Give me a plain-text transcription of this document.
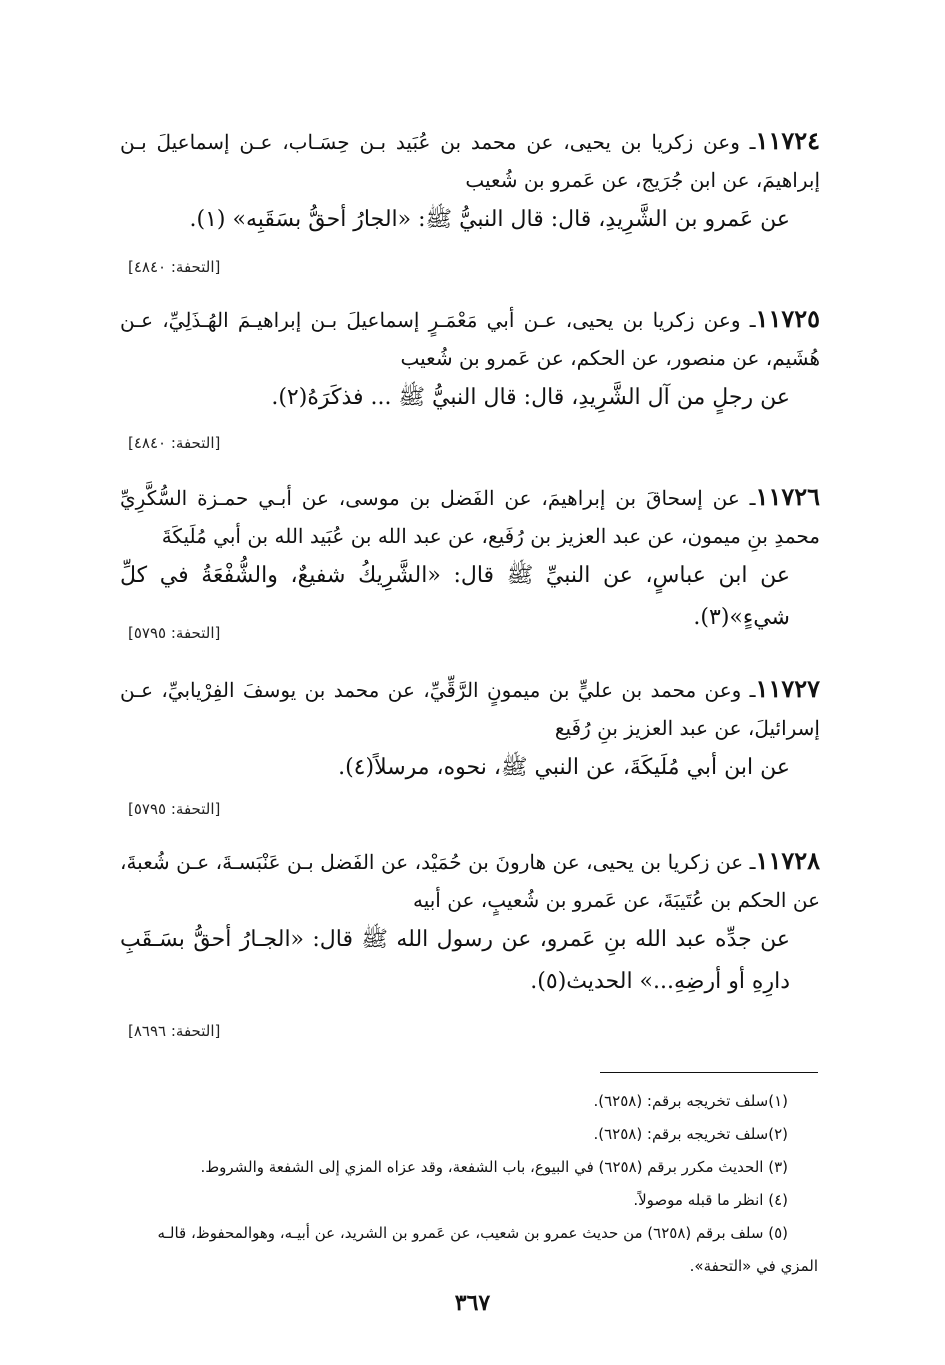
١١٧٢٤ـ وعن زكريا بن يحيى، عن محمد بن عُبَيد بـن حِسَـاب، عـن إسماعيلَ بـن إبراهيمَ، عن ابن جُرَيج، عن عَمرو بن شُعيب

عن عَمرو بن الشَّرِيدِ، قال: قال النبيُّ ﷺ: «الجارُ أحقُّ بسَقَبِه» (١).

[التحفة: ٤٨٤٠]

١١٧٢٥ـ وعن زكريا بن يحيى، عـن أبي مَعْمَـرٍ إسماعيلَ بـن إبراهيـمَ الهُـذَلِيِّ، عـن هُشَيم، عن منصور، عن الحكم، عن عَمرو بن شُعيب

عن رجلٍ من آل الشَّرِيدِ، قال: قال النبيُّ ﷺ ... فذكَرَهُ(٢).

[التحفة: ٤٨٤٠]

١١٧٢٦ـ عن إسحاقَ بن إبراهيمَ، عن الفَضل بن موسى، عن أبـي حمـزة السُّكَّرِيِّ محمدِ بنِ ميمون، عن عبد العزيز بن رُفَيع، عن عبد الله بن عُبَيد الله بن أبي مُلَيكَةَ

عن ابن عباسٍ، عن النبيِّ ﷺ قال: «الشَّرِيكُ شفيعٌ، والشُّفْعَةُ في كلِّ شيءٍ»(٣).

[التحفة: ٥٧٩٥]

١١٧٢٧ـ وعن محمد بن عليٍّ بن ميمونٍ الرَّقِّيِّ، عن محمد بن يوسفَ الفِرْيابيِّ، عـن إسرائيلَ، عن عبد العزيز بنِ رُفَيع

عن ابن أبي مُلَيكَةَ، عن النبي ﷺ، نحوه، مرسلاً(٤).

[التحفة: ٥٧٩٥]

١١٧٢٨ـ عن زكريا بن يحيى، عن هارونَ بن حُمَيْد، عن الفَضل بـن عَنْبَسـةَ، عـن شُعبةَ، عن الحكم بن عُتَيبَةَ، عن عَمرو بن شُعيبٍ، عن أبيه

عن جدِّه عبد الله بنِ عَمرو، عن رسول الله ﷺ قال: «الجـارُ أحقُّ بسَـقَبِ دارِهِ أو أرضِهِ...» الحديث(٥).

[التحفة: ٨٦٩٦]

(١)سلف تخريجه برقم: (٦٢٥٨).

(٢)سلف تخريجه برقم: (٦٢٥٨).

(٣) الحديث مكرر برقم (٦٢٥٨) في البيوع، باب الشفعة، وقد عزاه المزي إلى الشفعة والشروط.

(٤) انظر ما قبله موصولاً.

(٥) سلف برقم (٦٢٥٨) من حديث عمرو بن شعيب، عن عَمرو بن الشريد، عن أبيـه، وهوالمحفوظ، قالـه

المزي في «التحفة».

٣٦٧
